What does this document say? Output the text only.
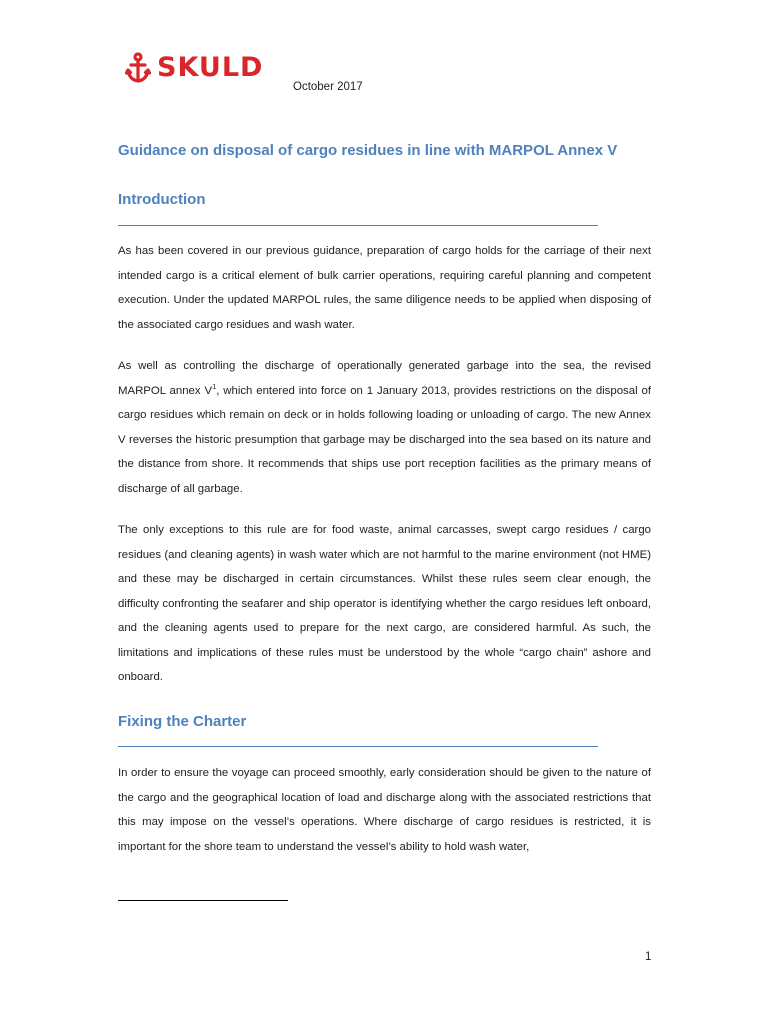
SKULD
October 2017
Guidance on disposal of cargo residues in line with MARPOL Annex V
Introduction

As has been covered in our previous guidance, preparation of cargo holds for the carriage of their next intended cargo is a critical element of bulk carrier operations, requiring careful planning and competent execution. Under the updated MARPOL rules, the same diligence needs to be applied when disposing of the associated cargo residues and wash water.

As well as controlling the discharge of operationally generated garbage into the sea, the revised MARPOL annex $V^1$, which entered into force on 1 January 2013, provides restrictions on the disposal of cargo residues which remain on deck or in holds following loading or unloading of cargo. The new Annex V reverses the historic presumption that garbage may be discharged into the sea based on its nature and the distance from shore. It recommends that ships use port reception facilities as the primary means of discharge of all garbage.

The only exceptions to this rule are for food waste, animal carcasses, swept cargo residues / cargo residues (and cleaning agents) in wash water which are not harmful to the marine environment (not HME) and these may be discharged in certain circumstances. Whilst these rules seem clear enough, the difficulty confronting the seafarer and ship operator is identifying whether the cargo residues left onboard, and the cleaning agents used to prepare for the next cargo, are considered harmful. As such, the limitations and implications of these rules must be understood by the whole “cargo chain” ashore and onboard.

Fixing the Charter

In order to ensure the voyage can proceed smoothly, early consideration should be given to the nature of the cargo and the geographical location of load and discharge along with the associated restrictions that this may impose on the vessel’s operations. Where discharge of cargo residues is restricted, it is important for the shore team to understand the vessel’s ability to hold wash water,

1
